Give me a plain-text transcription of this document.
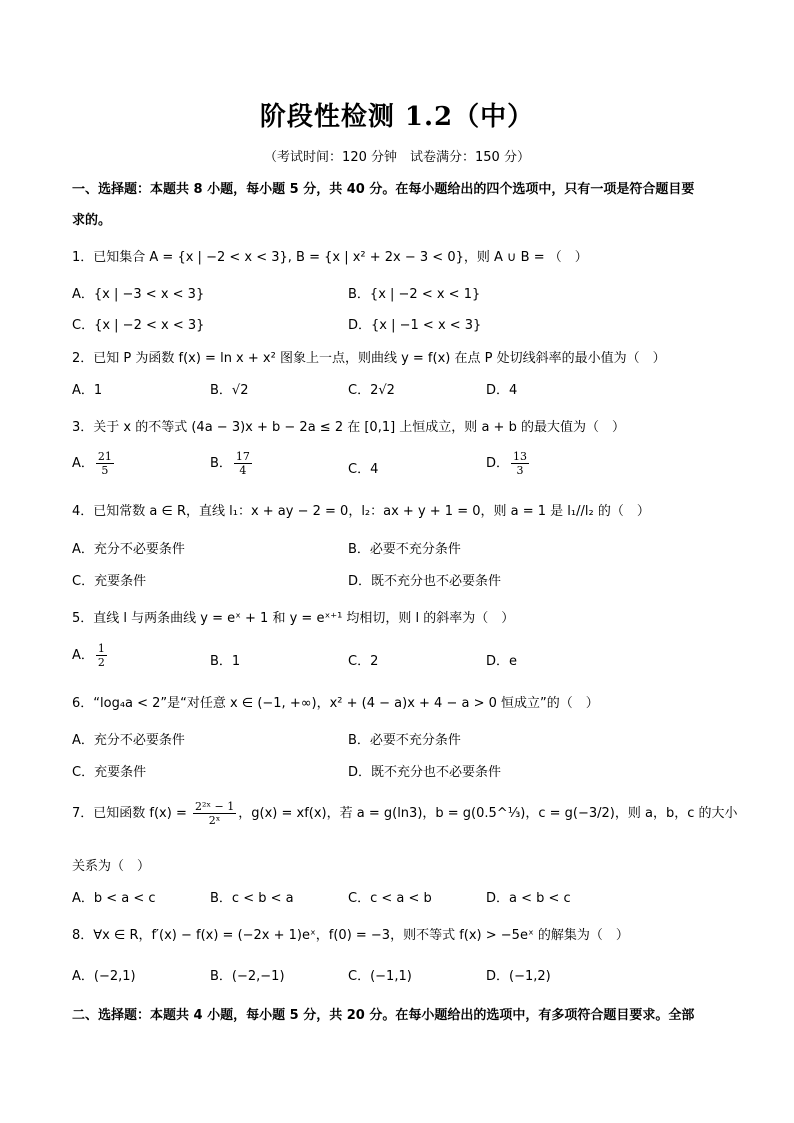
阶段性检测 1.2（中）
（考试时间：120 分钟　试卷满分：150 分）
一、选择题：本题共 8 小题，每小题 5 分，共 40 分。在每小题给出的四个选项中，只有一项是符合题目要
求的。
1．已知集合 A = {x | −2 < x < 3}, B = {x | x² + 2x − 3 < 0}，则 A ∪ B = （　）
A．{x | −3 < x < 3}	B．{x | −2 < x < 1}
C．{x | −2 < x < 3}	D．{x | −1 < x < 3}
2．已知 P 为函数 f(x) = ln x + x² 图象上一点，则曲线 y = f(x) 在点 P 处切线斜率的最小值为（　）
A．1	B．√2	C．2√2	D．4
3．关于 x 的不等式 (4a − 3)x + b − 2a ≤ 2 在 [0,1] 上恒成立，则 a + b 的最大值为（　）
A． $\frac{21}{5}$	B． $\frac{17}{4}$	C．4	D． $\frac{13}{3}$
4．已知常数 a ∈ R，直线 l₁：x + ay − 2 = 0，l₂：ax + y + 1 = 0，则 a = 1 是 l₁//l₂ 的（　）
A．充分不必要条件	B．必要不充分条件
C．充要条件	D．既不充分也不必要条件
5．直线 l 与两条曲线 y = eˣ + 1 和 y = eˣ⁺¹ 均相切，则 l 的斜率为（　）
A． $\frac{1}{2}$	B．1	C．2	D．e
6．“log₄a < 2”是“对任意 x ∈ (−1, +∞)，x² + (4 − a)x + 4 − a > 0 恒成立”的（　）
A．充分不必要条件	B．必要不充分条件
C．充要条件	D．既不充分也不必要条件
7．已知函数 $f(x) = \frac{\text{2²ˣ − 1}}{\text{2ˣ}}$ ，g(x) = xf(x)，若 a = g(ln3)，b = g(0.5^⅓)，c = g(−3/2)，则 a，b，c 的大小
关系为（　）
A．b < a < c	B．c < b < a	C．c < a < b	D．a < b < c
8．∀x ∈ R，f′(x) − f(x) = (−2x + 1)eˣ，f(0) = −3，则不等式 f(x) > −5eˣ 的解集为（　）
A．(−2,1)	B．(−2,−1)	C．(−1,1)	D．(−1,2)
二、选择题：本题共 4 小题，每小题 5 分，共 20 分。在每小题给出的选项中，有多项符合题目要求。全部
